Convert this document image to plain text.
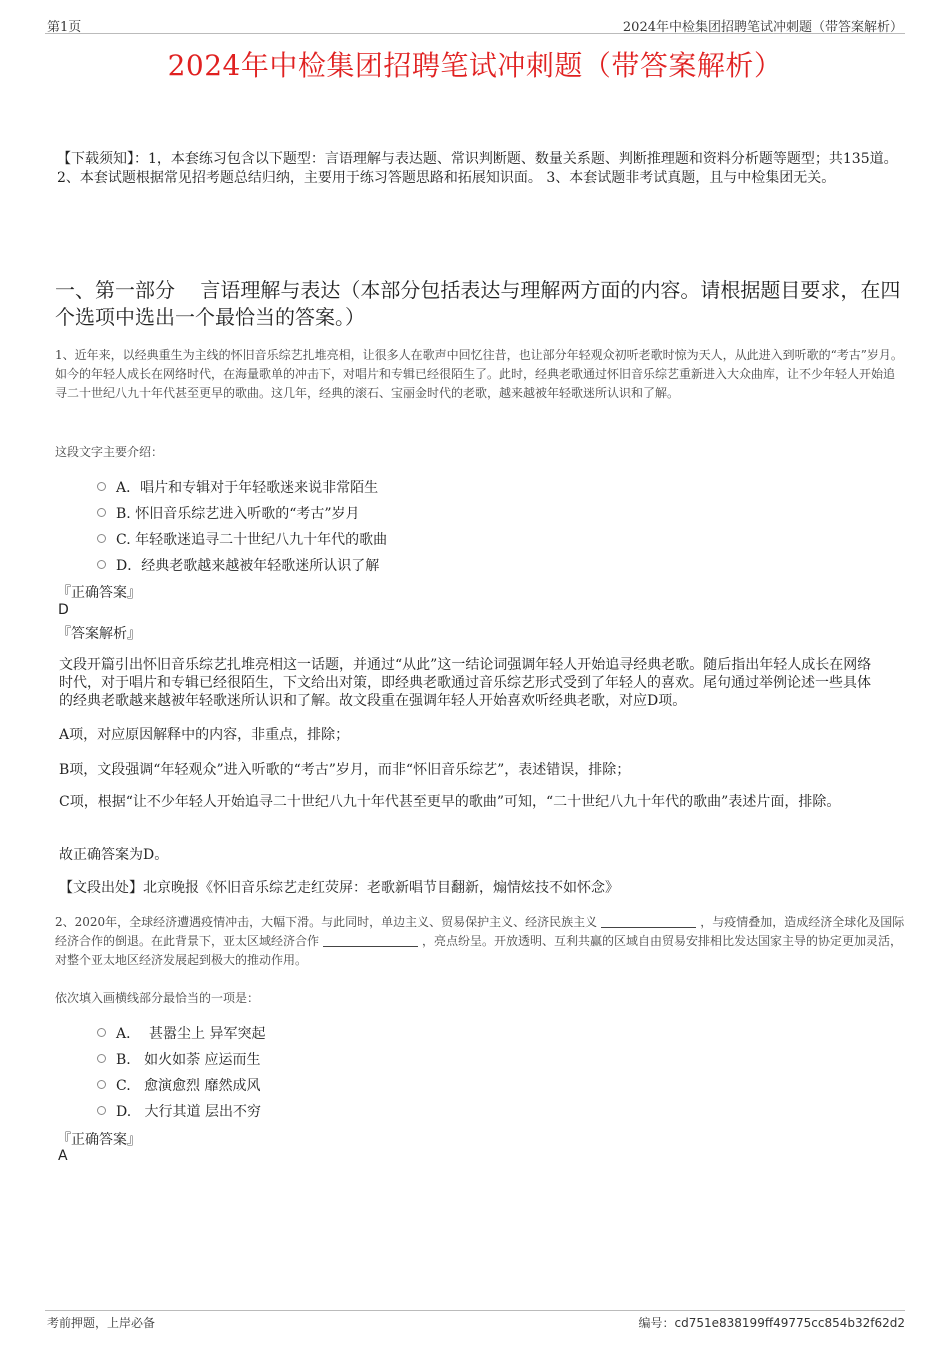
第1页	2024年中检集团招聘笔试冲刺题（带答案解析）
2024年中检集团招聘笔试冲刺题（带答案解析）
【下载须知】：1，本套练习包含以下题型：言语理解与表达题、常识判断题、数量关系题、判断推理题和资料分析题等题型；共135道。 2、本套试题根据常见招考题总结归纳，主要用于练习答题思路和拓展知识面。 3、本套试题非考试真题，且与中检集团无关。
一、第一部分    言语理解与表达（本部分包括表达与理解两方面的内容。请根据题目要求，在四个选项中选出一个最恰当的答案。）
1、近年来，以经典重生为主线的怀旧音乐综艺扎堆亮相，让很多人在歌声中回忆往昔，也让部分年轻观众初听老歌时惊为天人，从此进入到听歌的“考古”岁月。如今的年轻人成长在网络时代，在海量歌单的冲击下，对唱片和专辑已经很陌生了。此时，经典老歌通过怀旧音乐综艺重新进入大众曲库，让不少年轻人开始追寻二十世纪八九十年代甚至更早的歌曲。这几年，经典的滚石、宝丽金时代的老歌，越来越被年轻歌迷所认识和了解。
这段文字主要介绍：
A．唱片和专辑对于年轻歌迷来说非常陌生
B. 怀旧音乐综艺进入听歌的“考古”岁月
C. 年轻歌迷追寻二十世纪八九十年代的歌曲
D．经典老歌越来越被年轻歌迷所认识了解
『正确答案』
D
『答案解析』
文段开篇引出怀旧音乐综艺扎堆亮相这一话题，并通过“从此”这一结论词强调年轻人开始追寻经典老歌。随后指出年轻人成长在网络时代，对于唱片和专辑已经很陌生，下文给出对策，即经典老歌通过音乐综艺形式受到了年轻人的喜欢。尾句通过举例论述一些具体的经典老歌越来越被年轻歌迷所认识和了解。故文段重在强调年轻人开始喜欢听经典老歌，对应D项。
A项，对应原因解释中的内容，非重点，排除；
B项，文段强调“年轻观众”进入听歌的“考古”岁月，而非“怀旧音乐综艺”，表述错误，排除；
C项，根据“让不少年轻人开始追寻二十世纪八九十年代甚至更早的歌曲”可知，“二十世纪八九十年代的歌曲”表述片面，排除。
故正确答案为D。
【文段出处】北京晚报《怀旧音乐综艺走红荧屏：老歌新唱节目翻新，煽情炫技不如怀念》
2、2020年，全球经济遭遇疫情冲击，大幅下滑。与此同时，单边主义、贸易保护主义、经济民族主义	，与疫情叠加，造成经济全球化及国际经济合作的倒退。在此背景下，亚太区域经济合作	，亮点纷呈。开放透明、互利共赢的区域自由贸易安排相比发达国家主导的协定更加灵活，对整个亚太地区经济发展起到极大的推动作用。
依次填入画横线部分最恰当的一项是：
A．  甚嚣尘上 异军突起
B.   如火如荼 应运而生
C.   愈演愈烈 靡然成风
D.   大行其道 层出不穷
『正确答案』
A
考前押题，上岸必备	编号：cd751e838199ff49775cc854b32f62d2
